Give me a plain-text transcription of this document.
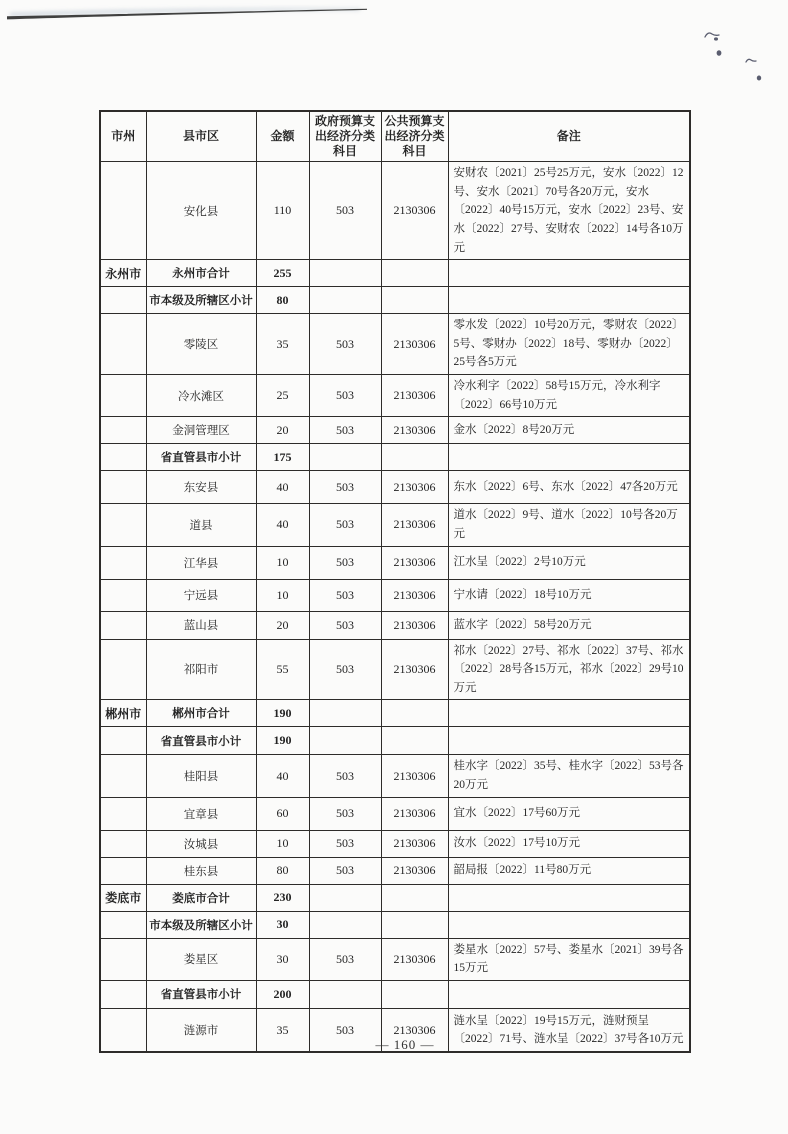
市州	县市区	金额	政府预算支出经济分类科目	公共预算支出经济分类科目	备注
	安化县	110	503	2130306	安财农〔2021〕25号25万元，安水〔2022〕12号、安水〔2021〕70号各20万元，安水〔2022〕40号15万元，安水〔2022〕23号、安水〔2022〕27号、安财农〔2022〕14号各10万元
永州市	永州市合计	255			
	市本级及所辖区小计	80			
	零陵区	35	503	2130306	零水发〔2022〕10号20万元，零财农〔2022〕5号、零财办〔2022〕18号、零财办〔2022〕25号各5万元
	冷水滩区	25	503	2130306	冷水利字〔2022〕58号15万元，冷水利字〔2022〕66号10万元
	金洞管理区	20	503	2130306	金水〔2022〕8号20万元
	省直管县市小计	175			
	东安县	40	503	2130306	东水〔2022〕6号、东水〔2022〕47各20万元
	道县	40	503	2130306	道水〔2022〕9号、道水〔2022〕10号各20万元
	江华县	10	503	2130306	江水呈〔2022〕2号10万元
	宁远县	10	503	2130306	宁水请〔2022〕18号10万元
	蓝山县	20	503	2130306	蓝水字〔2022〕58号20万元
	祁阳市	55	503	2130306	祁水〔2022〕27号、祁水〔2022〕37号、祁水〔2022〕28号各15万元，祁水〔2022〕29号10万元
郴州市	郴州市合计	190			
	省直管县市小计	190			
	桂阳县	40	503	2130306	桂水字〔2022〕35号、桂水字〔2022〕53号各20万元
	宜章县	60	503	2130306	宜水〔2022〕17号60万元
	汝城县	10	503	2130306	汝水〔2022〕17号10万元
	桂东县	80	503	2130306	韶局报〔2022〕11号80万元
娄底市	娄底市合计	230			
	市本级及所辖区小计	30			
	娄星区	30	503	2130306	娄星水〔2022〕57号、娄星水〔2021〕39号各15万元
	省直管县市小计	200			
	涟源市	35	503	2130306	涟水呈〔2022〕19号15万元，涟财预呈〔2022〕71号、涟水呈〔2022〕37号各10万元
— 160 —
